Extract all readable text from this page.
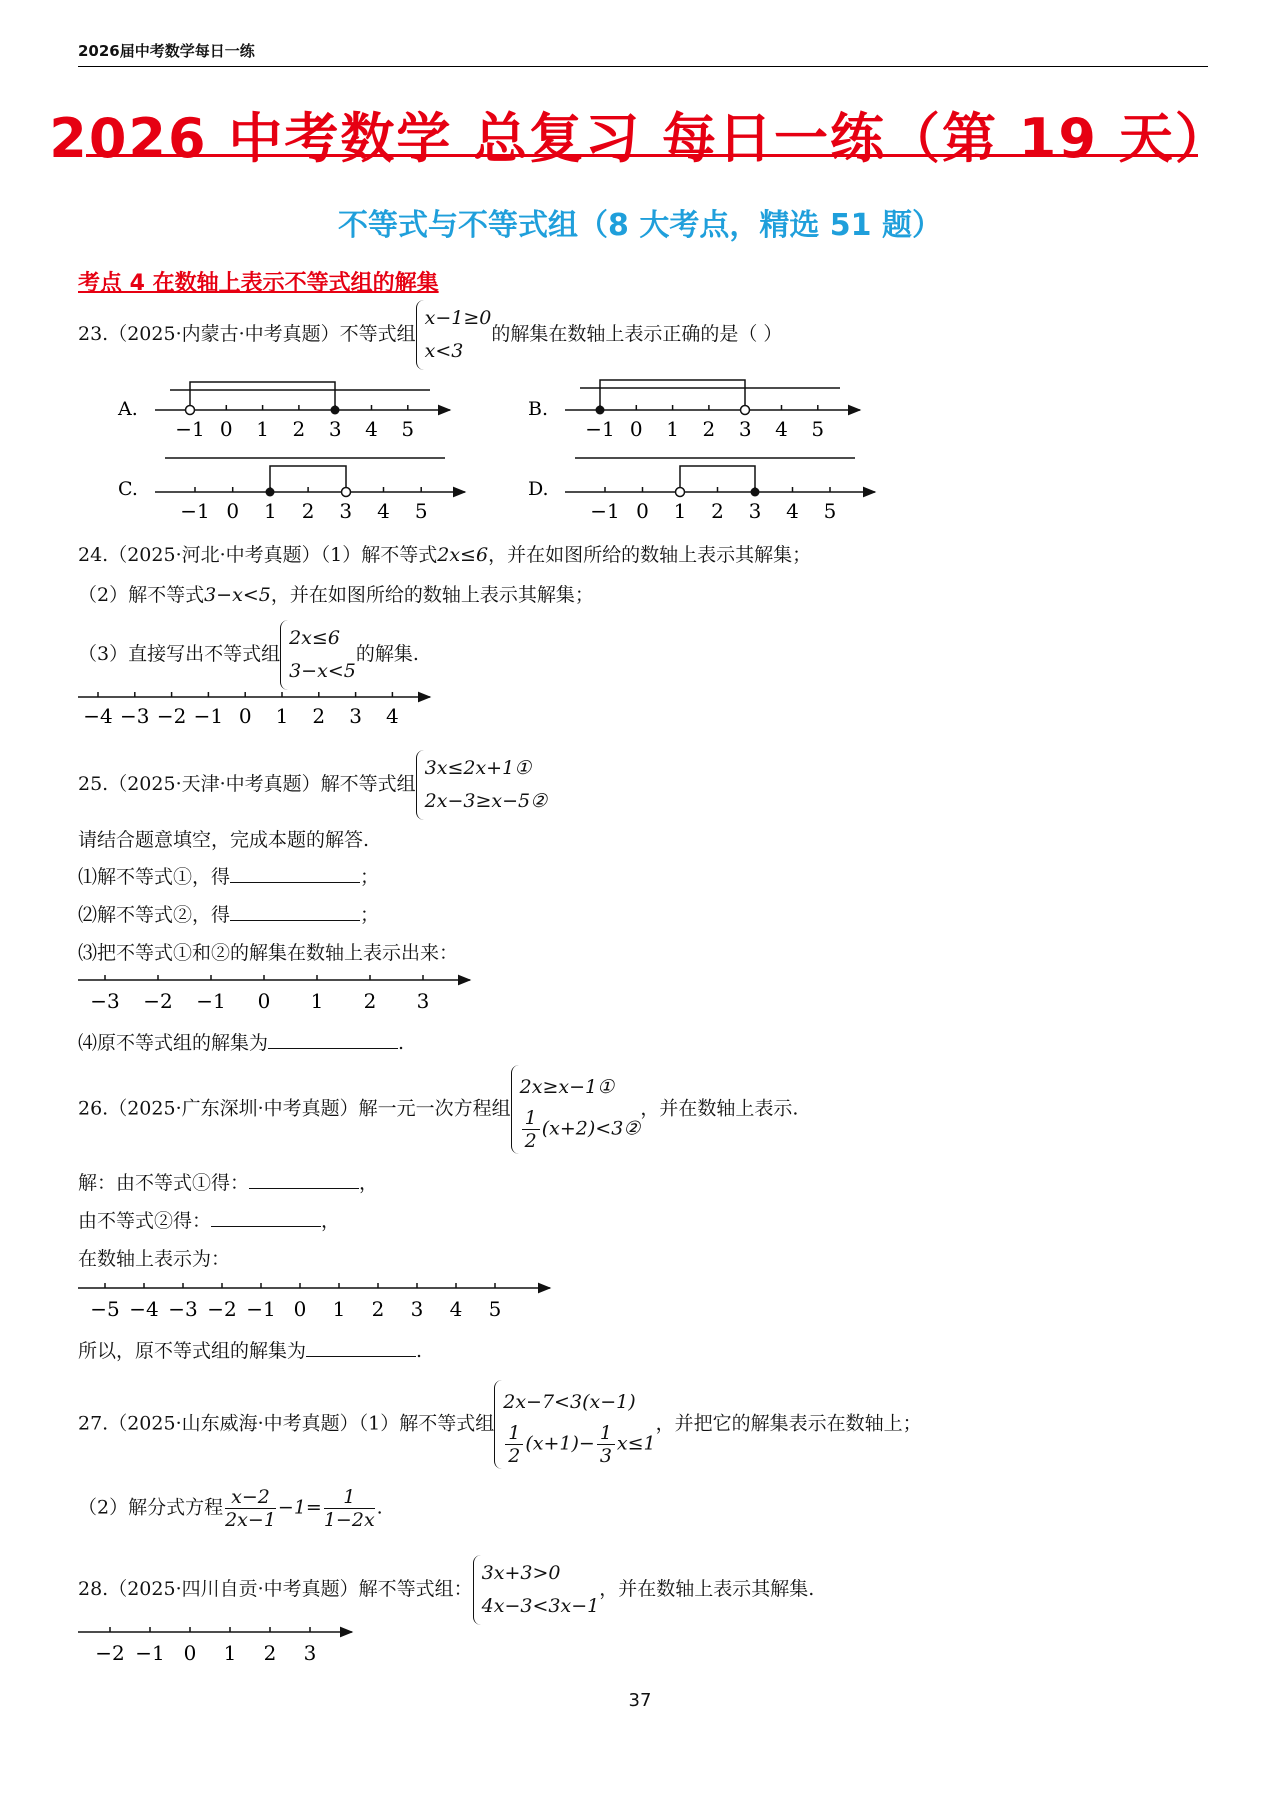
2026届中考数学每日一练
2026 中考数学 总复习 每日一练（第 19 天）
不等式与不等式组（8 大考点，精选 51 题）
考点 4 在数轴上表示不等式组的解集
23.（2025·内蒙古·中考真题）不等式组x−1≥0
x<3的解集在数轴上表示正确的是（ ）
A.
−1 0 1 2 3 4 5
B.
−1 0 1 2 3 4 5
C.
−1 0 1 2 3 4 5
D.
−1 0 1 2 3 4 5
24.（2025·河北·中考真题）（1）解不等式2x≤6，并在如图所给的数轴上表示其解集；
（2）解不等式3−x<5，并在如图所给的数轴上表示其解集；
（3）直接写出不等式组2x≤6
3−x<5的解集.
−4 −3 −2 −1 0 1 2 3 4
25.（2025·天津·中考真题）解不等式组3x≤2x+1①
2x−3≥x−5②
请结合题意填空，完成本题的解答.
⑴解不等式①，得	；
⑵解不等式②，得	；
⑶把不等式①和②的解集在数轴上表示出来：
−3 −2 −1 0 1 2 3
⑷原不等式组的解集为	.
26.（2025·广东深圳·中考真题）解一元一次方程组2x≥x−1①

$\frac{1}{2}$ (x+2)<3②，并在数轴上表示.
解：由不等式①得：	，
由不等式②得：	，
在数轴上表示为：
−5 −4 −3 −2 −1 0 1 2 3 4 5
所以，原不等式组的解集为	.
27.（2025·山东威海·中考真题）（1）解不等式组2x−7<3(x−1)

$\frac{1}{2} (x+1)- \frac{1}{3} x\le 1$，并把它的解集表示在数轴上；
（2）解分式方程 $\frac{x-2}{2x-1} -1= \frac{1}{1-2x}$ .
28.（2025·四川自贡·中考真题）解不等式组：3x+3>0
4x−3<3x−1，并在数轴上表示其解集.
−2 −1 0 1 2 3
37
